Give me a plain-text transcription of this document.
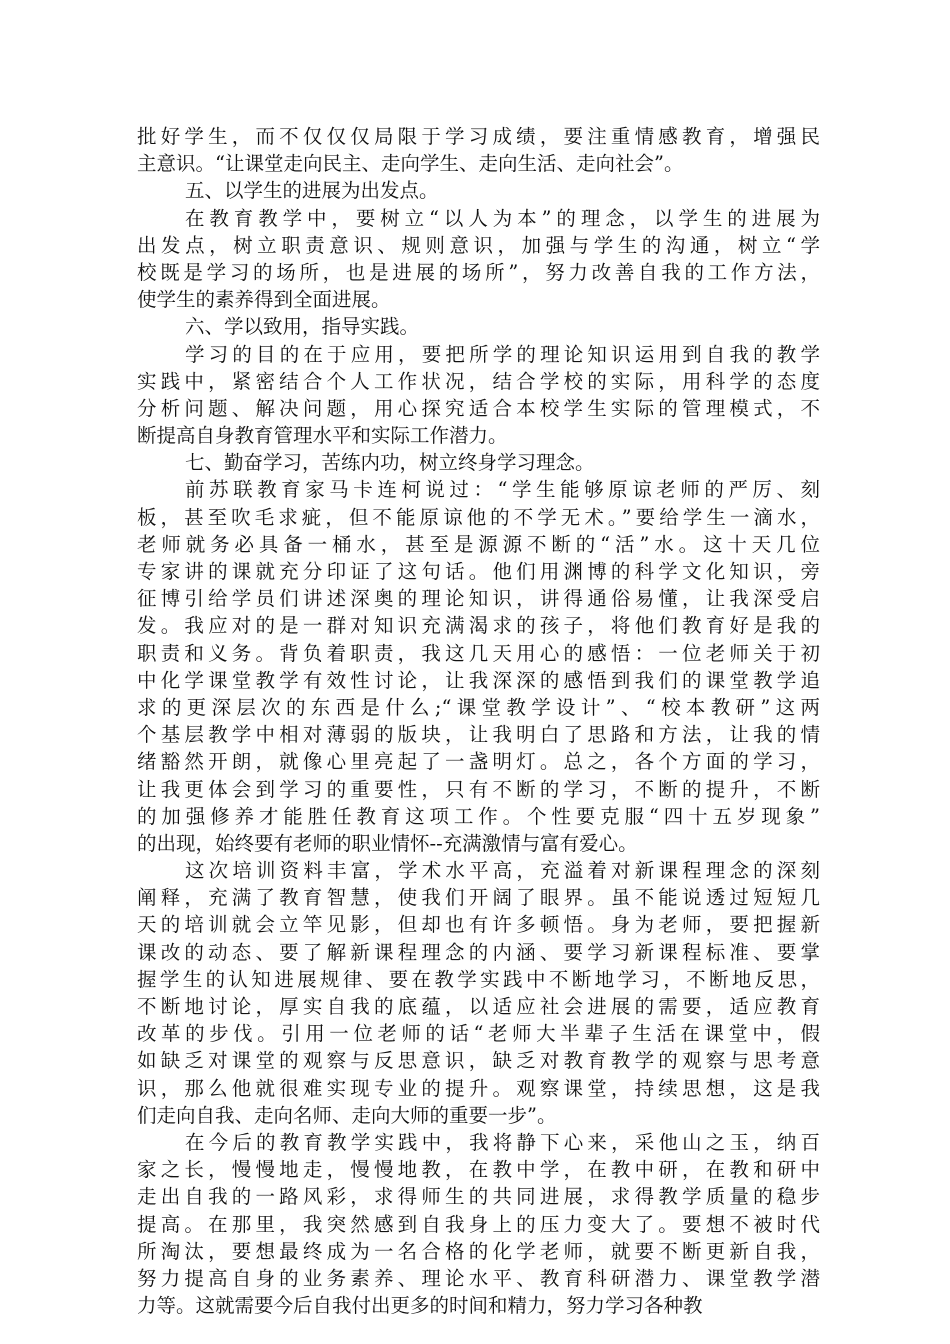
批好学生，而不仅仅仅局限于学习成绩，要注重情感教育，增强民
主意识。“让课堂走向民主、走向学生、走向生活、走向社会”。
五、以学生的进展为出发点。
在教育教学中，要树立“以人为本”的理念，以学生的进展为
出发点，树立职责意识、规则意识，加强与学生的沟通，树立“学
校既是学习的场所，也是进展的场所”，努力改善自我的工作方法，
使学生的素养得到全面进展。
六、学以致用，指导实践。
学习的目的在于应用，要把所学的理论知识运用到自我的教学
实践中，紧密结合个人工作状况，结合学校的实际，用科学的态度
分析问题、解决问题，用心探究适合本校学生实际的管理模式，不
断提高自身教育管理水平和实际工作潜力。
七、勤奋学习，苦练内功，树立终身学习理念。
前苏联教育家马卡连柯说过：“学生能够原谅老师的严厉、刻
板，甚至吹毛求疵，但不能原谅他的不学无术。”要给学生一滴水，
老师就务必具备一桶水，甚至是源源不断的“活”水。这十天几位
专家讲的课就充分印证了这句话。他们用渊博的科学文化知识，旁
征博引给学员们讲述深奥的理论知识，讲得通俗易懂，让我深受启
发。我应对的是一群对知识充满渴求的孩子，将他们教育好是我的
职责和义务。背负着职责，我这几天用心的感悟：一位老师关于初
中化学课堂教学有效性讨论，让我深深的感悟到我们的课堂教学追
求的更深层次的东西是什么;“课堂教学设计”、“校本教研”这两
个基层教学中相对薄弱的版块，让我明白了思路和方法，让我的情
绪豁然开朗，就像心里亮起了一盏明灯。总之，各个方面的学习，
让我更体会到学习的重要性，只有不断的学习，不断的提升，不断
的加强修养才能胜任教育这项工作。个性要克服“四十五岁现象”
的出现，始终要有老师的职业情怀--充满激情与富有爱心。
这次培训资料丰富，学术水平高，充溢着对新课程理念的深刻
阐释，充满了教育智慧，使我们开阔了眼界。虽不能说透过短短几
天的培训就会立竿见影，但却也有许多顿悟。身为老师，要把握新
课改的动态、要了解新课程理念的内涵、要学习新课程标准、要掌
握学生的认知进展规律、要在教学实践中不断地学习，不断地反思，
不断地讨论，厚实自我的底蕴，以适应社会进展的需要，适应教育
改革的步伐。引用一位老师的话“老师大半辈子生活在课堂中，假
如缺乏对课堂的观察与反思意识，缺乏对教育教学的观察与思考意
识，那么他就很难实现专业的提升。观察课堂，持续思想，这是我
们走向自我、走向名师、走向大师的重要一步”。
在今后的教育教学实践中，我将静下心来，采他山之玉，纳百
家之长，慢慢地走，慢慢地教，在教中学，在教中研，在教和研中
走出自我的一路风彩，求得师生的共同进展，求得教学质量的稳步
提高。在那里，我突然感到自我身上的压力变大了。要想不被时代
所淘汰，要想最终成为一名合格的化学老师，就要不断更新自我，
努力提高自身的业务素养、理论水平、教育科研潜力、课堂教学潜
力等。这就需要今后自我付出更多的时间和精力，努力学习各种教
